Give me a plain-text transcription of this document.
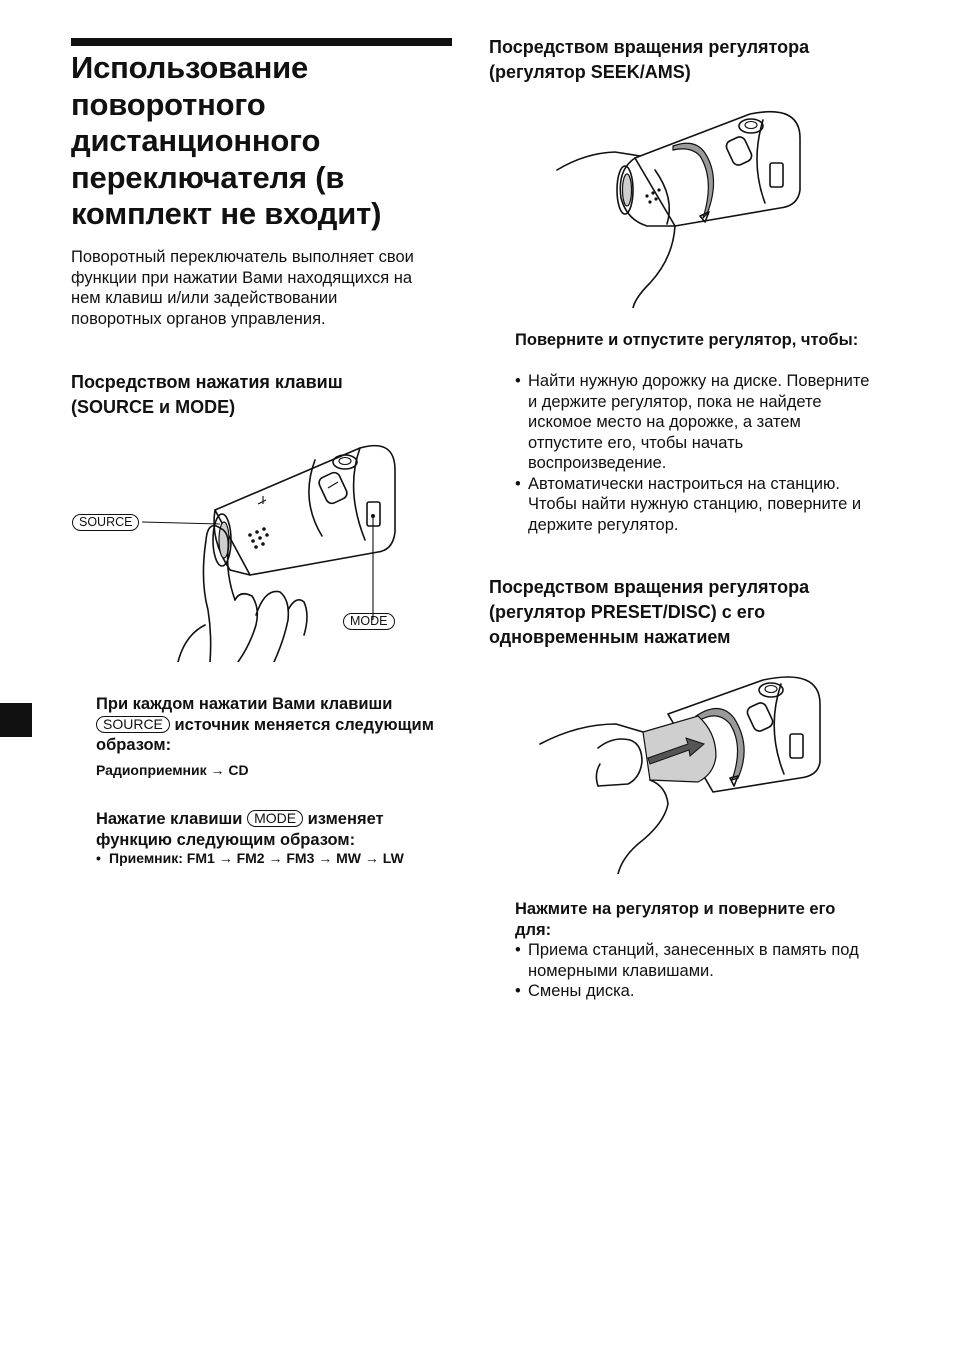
Использование поворотного дистанционного переключателя (в комплект не входит)
Поворотный переключатель выполняет свои функции при нажатии Вами находящихся на нем клавиш и/или задействовании поворотных органов управления.
Посредством нажатия клавиш (SOURCE и MODE)
SOURCE
MODE
При каждом нажатии Вами клавиши
SOURCE источник меняется следующим образом:
Радиоприемник → CD
Нажатие клавиши MODE изменяет функцию следующим образом:
• Приемник: FM1 → FM2 → FM3 → MW → LW
Посредством вращения регулятора (регулятор SEEK/AMS)
Поверните и отпустите регулятор, чтобы:
• Найти нужную дорожку на диске. Поверните и держите регулятор, пока не найдете искомое место на дорожке, а затем отпустите его, чтобы начать воспроизведение.
• Автоматически настроиться на станцию. Чтобы найти нужную станцию, поверните и держите регулятор.
Посредством вращения регулятора (регулятор PRESET/DISC) с его одновременным нажатием
Нажмите на регулятор и поверните его для:
• Приема станций, занесенных в память под номерными клавишами.
• Смены диска.
